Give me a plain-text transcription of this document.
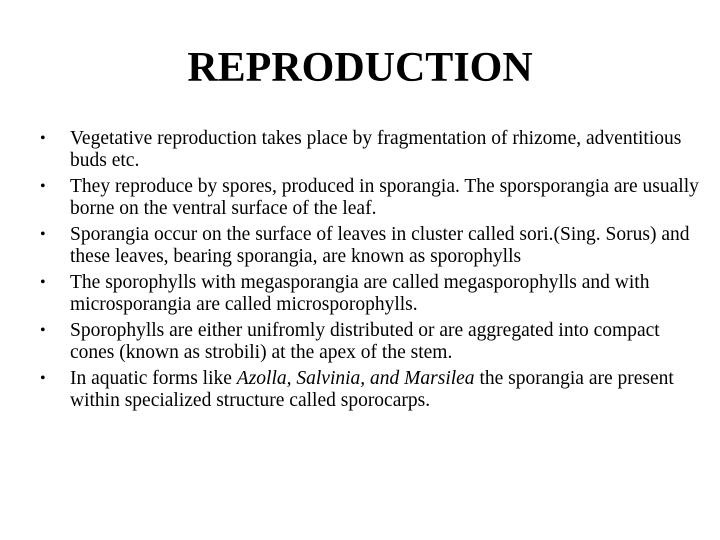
REPRODUCTION
• Vegetative reproduction takes place by fragmentation of rhizome, adventitious buds etc.
• They reproduce by spores, produced in sporangia. The sporsporangia are usually borne on the ventral surface of the leaf.
• Sporangia occur on the surface of leaves in cluster called sori.(Sing. Sorus) and these leaves, bearing sporangia, are known as sporophylls
• The sporophylls with megasporangia are called megasporophylls and with microsporangia are called microsporophylls.
• Sporophylls are either unifromly distributed or are aggregated into compact cones (known as strobili) at the apex of the stem.
• In aquatic forms like Azolla, Salvinia, and Marsilea the sporangia are present within specialized structure called sporocarps.
